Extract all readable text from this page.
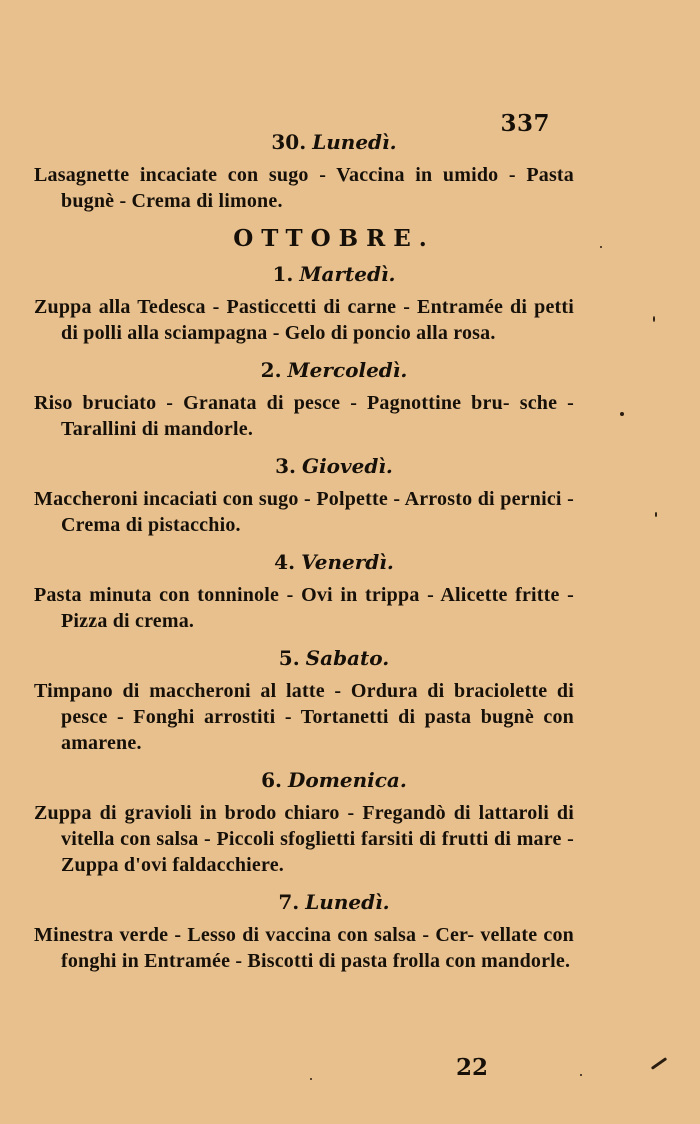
337
30. Lunedì.

Lasagnette incaciate con sugo - Vaccina in umido - Pasta bugnè - Crema di limone.

OTTOBRE.
1. Martedì.

Zuppa alla Tedesca - Pasticcetti di carne - Entramée di petti di polli alla sciampagna - Gelo di poncio alla rosa.

2. Mercoledì.

Riso bruciato - Granata di pesce - Pagnottine bru- sche - Tarallini di mandorle.

3. Giovedì.

Maccheroni incaciati con sugo - Polpette - Arrosto di pernici - Crema di pistacchio.

4. Venerdì.

Pasta minuta con tonninole - Ovi in trippa - Alicette fritte - Pizza di crema.

5. Sabato.

Timpano di maccheroni al latte - Ordura di braciolette di pesce - Fonghi arrostiti - Tortanetti di pasta bugnè con amarene.

6. Domenica.

Zuppa di gravioli in brodo chiaro - Fregandò di lattaroli di vitella con salsa - Piccoli sfoglietti farsiti di frutti di mare - Zuppa d'ovi faldacchiere.

7. Lunedì.

Minestra verde - Lesso di vaccina con salsa - Cer- vellate con fonghi in Entramée - Biscotti di pasta frolla con mandorle.

22
